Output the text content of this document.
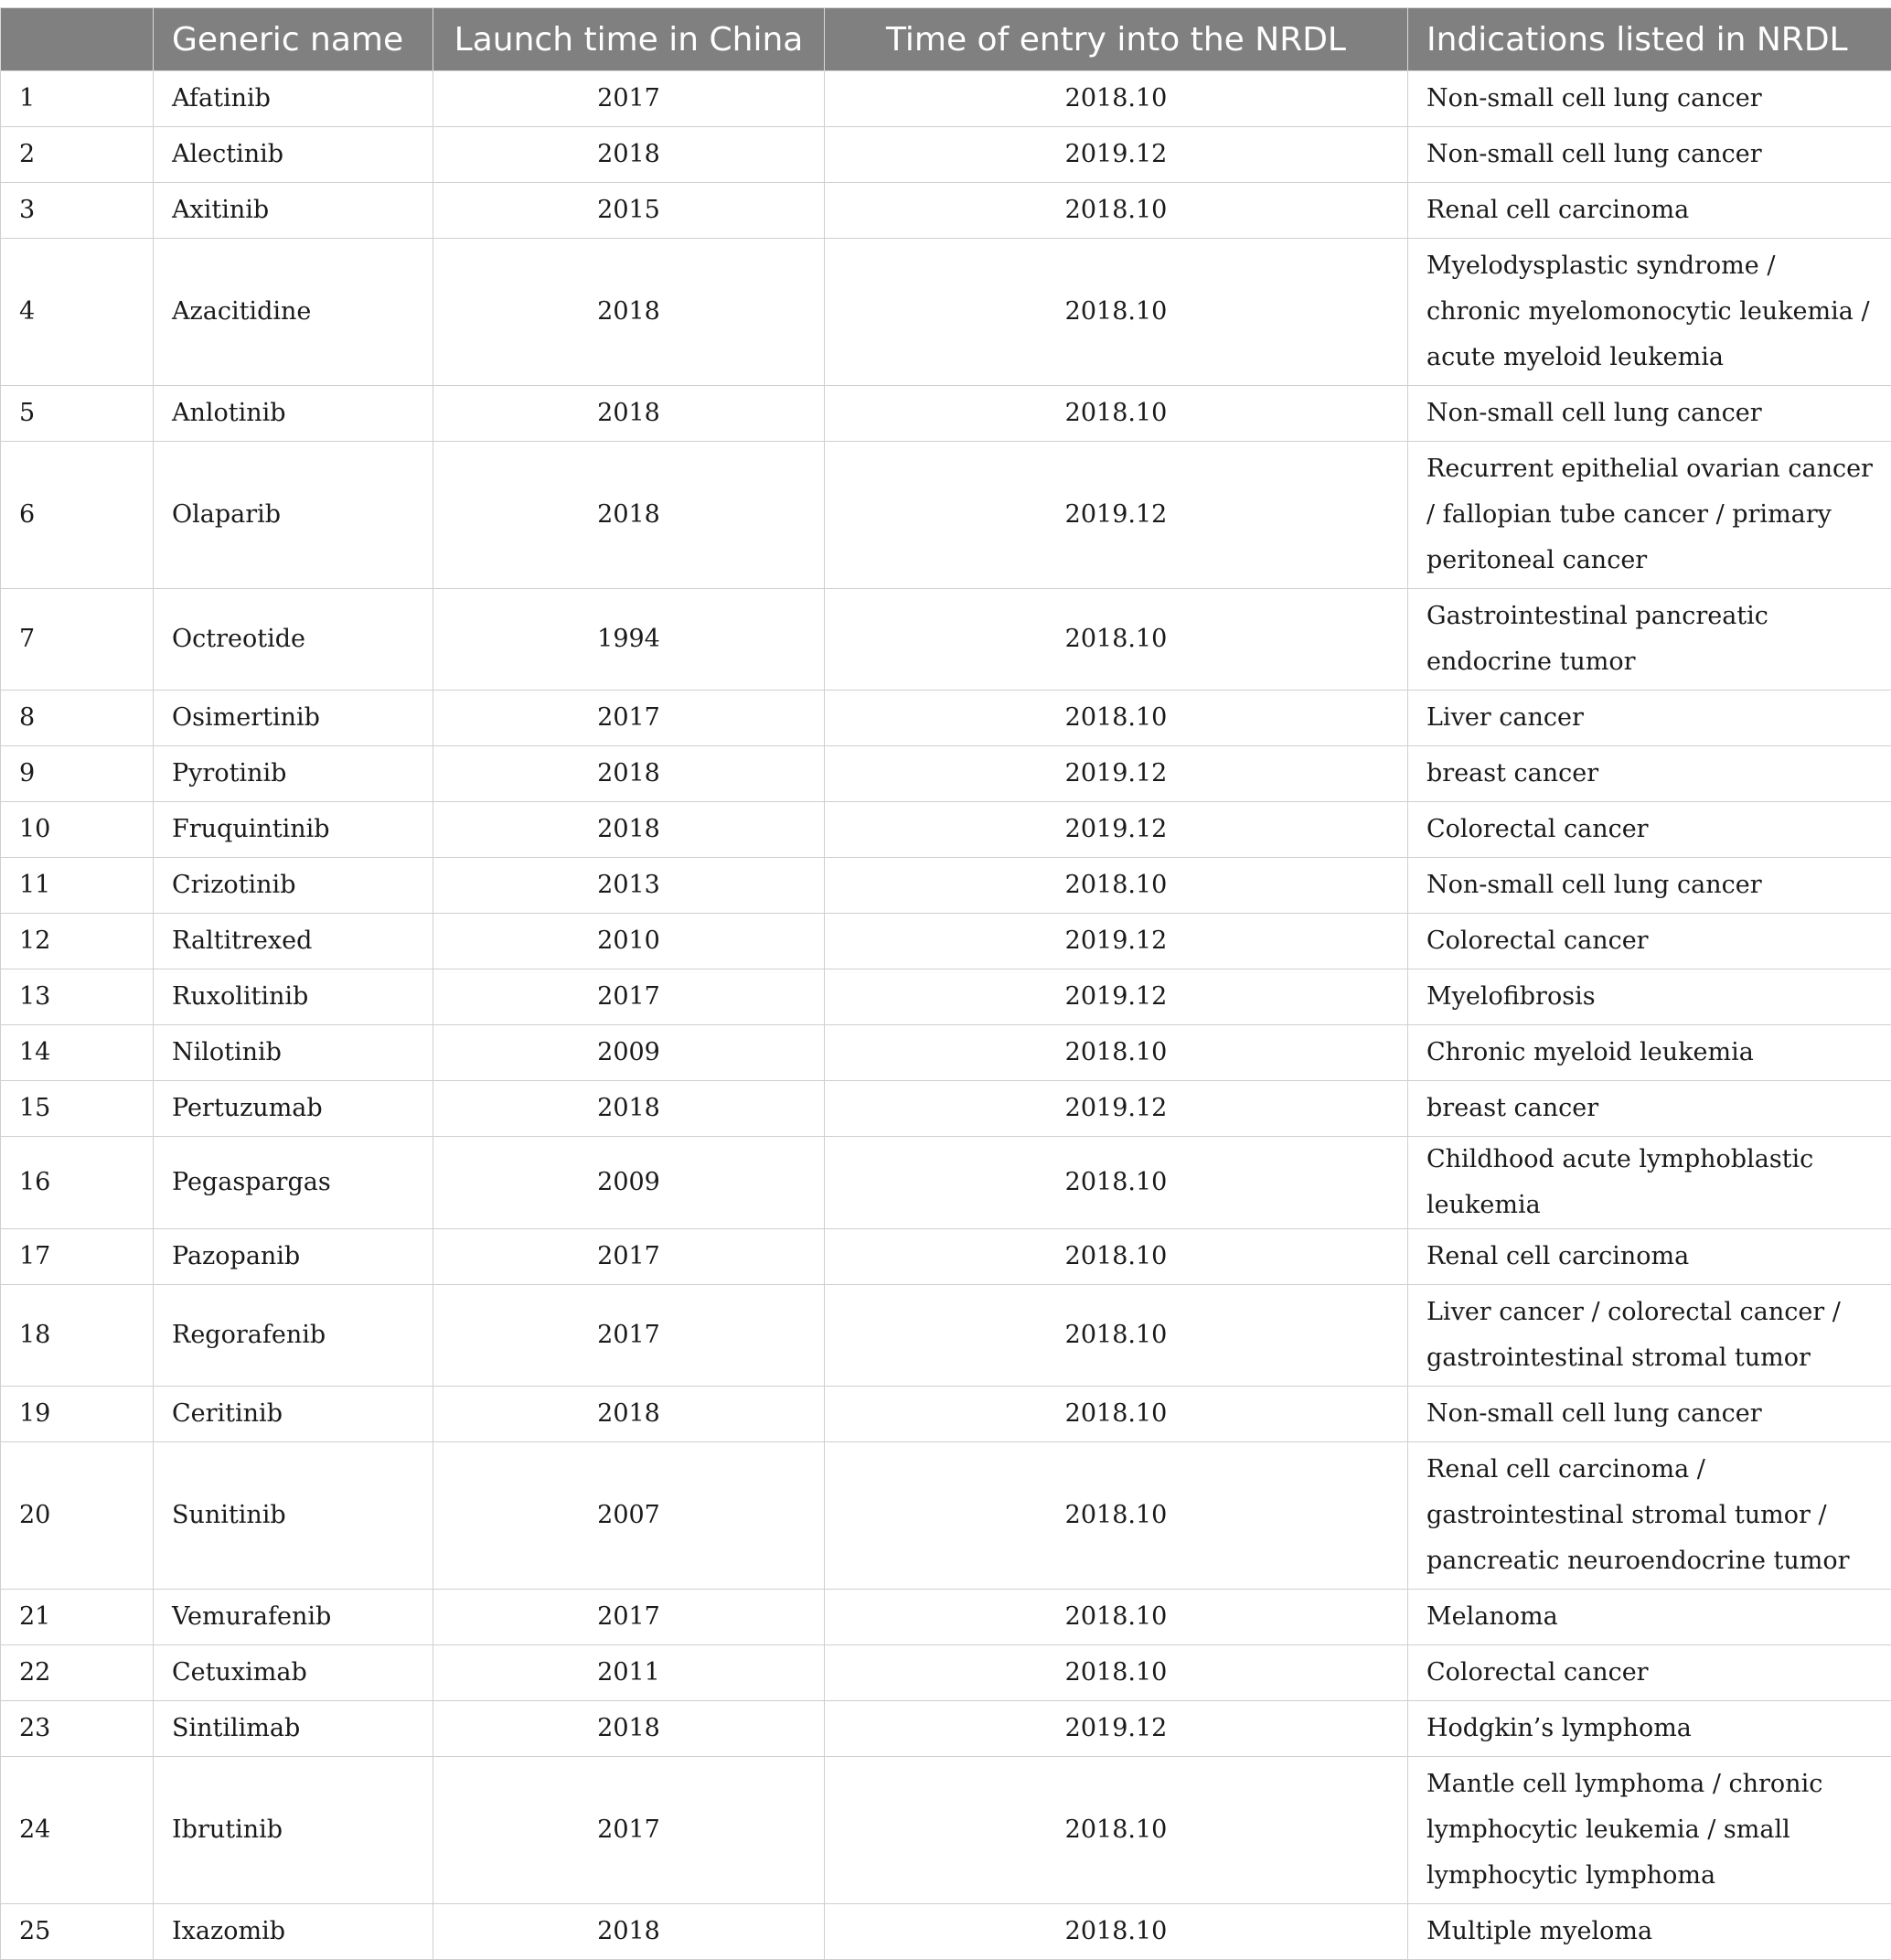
	Generic name	Launch time in China	Time of entry into the NRDL	Indications listed in NRDL
1	Afatinib	2017	2018.10	Non-small cell lung cancer
2	Alectinib	2018	2019.12	Non-small cell lung cancer
3	Axitinib	2015	2018.10	Renal cell carcinoma
4	Azacitidine	2018	2018.10	Myelodysplastic syndrome / chronic myelomonocytic leukemia / acute myeloid leukemia
5	Anlotinib	2018	2018.10	Non-small cell lung cancer
6	Olaparib	2018	2019.12	Recurrent epithelial ovarian cancer / fallopian tube cancer / primary peritoneal cancer
7	Octreotide	1994	2018.10	Gastrointestinal pancreatic endocrine tumor
8	Osimertinib	2017	2018.10	Liver cancer
9	Pyrotinib	2018	2019.12	breast cancer
10	Fruquintinib	2018	2019.12	Colorectal cancer
11	Crizotinib	2013	2018.10	Non-small cell lung cancer
12	Raltitrexed	2010	2019.12	Colorectal cancer
13	Ruxolitinib	2017	2019.12	Myelofibrosis
14	Nilotinib	2009	2018.10	Chronic myeloid leukemia
15	Pertuzumab	2018	2019.12	breast cancer
16	Pegaspargas	2009	2018.10	Childhood acute lymphoblastic leukemia
17	Pazopanib	2017	2018.10	Renal cell carcinoma
18	Regorafenib	2017	2018.10	Liver cancer / colorectal cancer / gastrointestinal stromal tumor
19	Ceritinib	2018	2018.10	Non-small cell lung cancer
20	Sunitinib	2007	2018.10	Renal cell carcinoma / gastrointestinal stromal tumor / pancreatic neuroendocrine tumor
21	Vemurafenib	2017	2018.10	Melanoma
22	Cetuximab	2011	2018.10	Colorectal cancer
23	Sintilimab	2018	2019.12	Hodgkin’s lymphoma
24	Ibrutinib	2017	2018.10	Mantle cell lymphoma / chronic lymphocytic leukemia / small lymphocytic lymphoma
25	Ixazomib	2018	2018.10	Multiple myeloma
